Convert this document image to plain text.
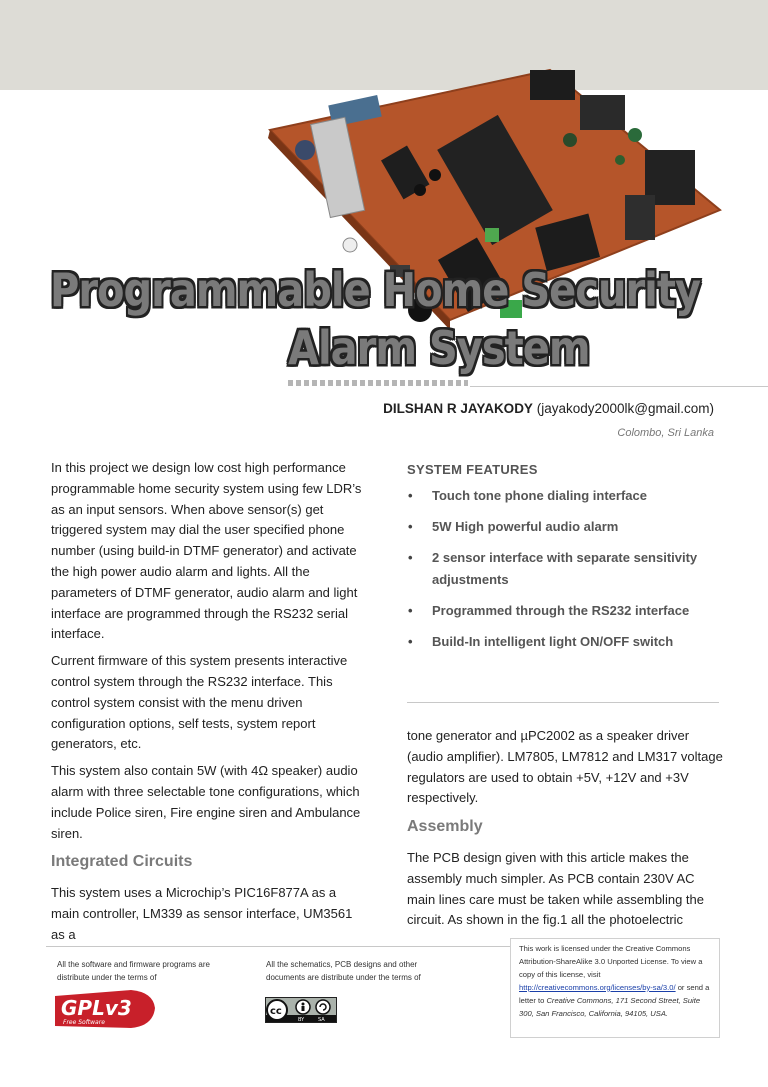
Programmable Home Security
Alarm System
DILSHAN R JAYAKODY (jayakody2000lk@gmail.com)
Colombo, Sri Lanka

In this project we design low cost high performance programmable home security system using few LDR’s as an input sensors. When above sensor(s) get triggered system may dial the user specified phone number (using build-in DTMF generator) and activate the high power audio alarm and lights. All the parameters of DTMF generator, audio alarm and light interface are programmed through the RS232 serial interface.

Current firmware of this system presents interactive control system through the RS232 interface. This control system consist with the menu driven configuration options, self tests, system report generators, etc.

This system also contain 5W (with 4Ω speaker) audio alarm with three selectable tone configurations, which include Police siren, Fire engine siren and Ambulance siren.

Integrated Circuits

This system uses a Microchip’s PIC16F877A as a main controller, LM339 as sensor interface, UM3561 as a

SYSTEM FEATURES
• Touch tone phone dialing interface
• 5W High powerful audio alarm
• 2 sensor interface with separate sensitivity adjustments
• Programmed through the RS232 interface
• Build-In intelligent light ON/OFF switch

tone generator and µPC2002 as a speaker driver (audio amplifier). LM7805, LM7812 and LM317 voltage regulators are used to obtain +5V, +12V and +3V respectively.

Assembly

The PCB design given with this article makes the assembly much simpler. As PCB contain 230V AC main lines care must be taken while assembling the circuit. As shown in the fig.1 all the photoelectric

All the software and firmware programs are distribute under the terms of
GPLv3
Free Software
All the schematics, PCB designs and other documents are distribute under the terms of
cc
BY	SA
This work is licensed under the Creative Commons Attribution-ShareAlike 3.0 Unported License. To view a copy of this license, visit http://creativecommons.org/licenses/by-sa/3.0/ or send a letter to Creative Commons, 171 Second Street, Suite 300, San Francisco, California, 94105, USA.
